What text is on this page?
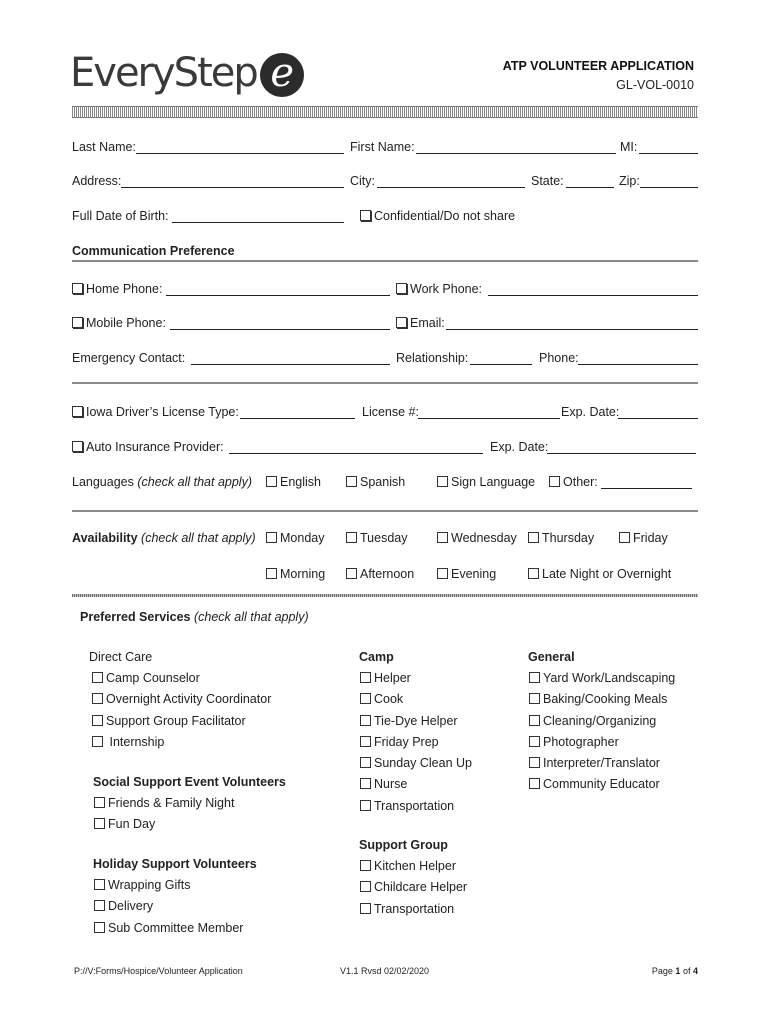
EveryStep e	ATP VOLUNTEER APPLICATION
GL-VOL-0010
Last Name:	First Name:	MI:
Address:	City:	State:	Zip:
Full Date of Birth:	Confidential/Do not share
Communication Preference
Home Phone:	Work Phone:
Mobile Phone:	Email:
Emergency Contact:	Relationship:	Phone:
Iowa Driver’s License Type:	License #:	Exp. Date:
Auto Insurance Provider:	Exp. Date:
Languages (check all that apply)	English	Spanish	Sign Language	Other:
Availability (check all that apply)	Monday	Tuesday	Wednesday	Thursday	Friday
Morning	Afternoon	Evening	Late Night or Overnight
Preferred Services (check all that apply)
Direct Care
Camp Counselor
Overnight Activity Coordinator
Support Group Facilitator
Internship
Social Support Event Volunteers
Friends & Family Night
Fun Day
Holiday Support Volunteers
Wrapping Gifts
Delivery
Sub Committee Member
Camp
Helper
Cook
Tie-Dye Helper
Friday Prep
Sunday Clean Up
Nurse
Transportation
Support Group
Kitchen Helper
Childcare Helper
Transportation
General
Yard Work/Landscaping
Baking/Cooking Meals
Cleaning/Organizing
Photographer
Interpreter/Translator
Community Educator
P://V:Forms/Hospice/Volunteer Application	V1.1 Rvsd 02/02/2020	Page 1 of 4
